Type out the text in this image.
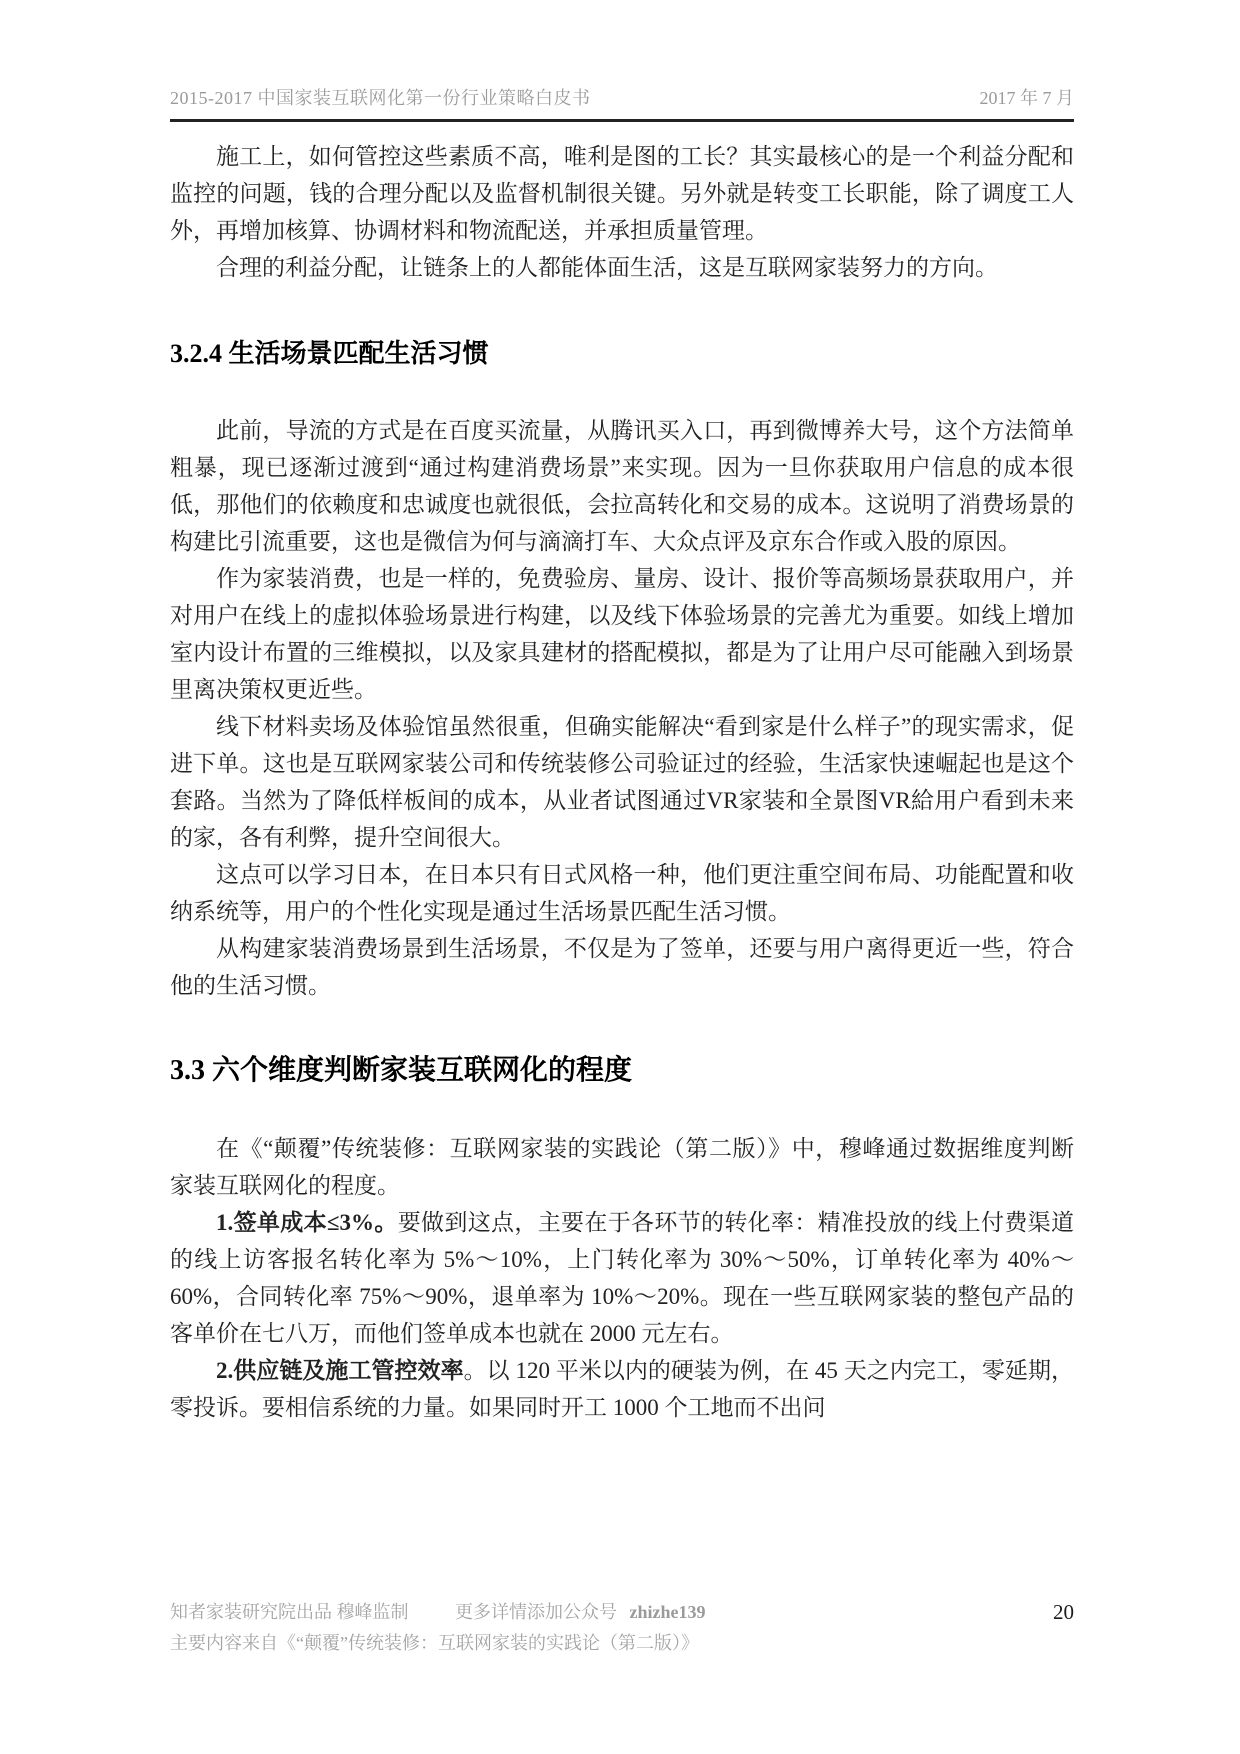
2015-2017 中国家装互联网化第一份行业策略白皮书	2017 年 7 月

施工上，如何管控这些素质不高，唯利是图的工长？其实最核心的是一个利益分配和监控的问题，钱的合理分配以及监督机制很关键。另外就是转变工长职能，除了调度工人外，再增加核算、协调材料和物流配送，并承担质量管理。

合理的利益分配，让链条上的人都能体面生活，这是互联网家装努力的方向。

3.2.4 生活场景匹配生活习惯

此前，导流的方式是在百度买流量，从腾讯买入口，再到微博养大号，这个方法简单粗暴，现已逐渐过渡到“通过构建消费场景”来实现。因为一旦你获取用户信息的成本很低，那他们的依赖度和忠诚度也就很低，会拉高转化和交易的成本。这说明了消费场景的构建比引流重要，这也是微信为何与滴滴打车、大众点评及京东合作或入股的原因。

作为家装消费，也是一样的，免费验房、量房、设计、报价等高频场景获取用户，并对用户在线上的虚拟体验场景进行构建，以及线下体验场景的完善尤为重要。如线上增加室内设计布置的三维模拟，以及家具建材的搭配模拟，都是为了让用户尽可能融入到场景里离决策权更近些。

线下材料卖场及体验馆虽然很重，但确实能解决“看到家是什么样子”的现实需求，促进下单。这也是互联网家装公司和传统装修公司验证过的经验，生活家快速崛起也是这个套路。当然为了降低样板间的成本，从业者试图通过VR家装和全景图VR給用户看到未来的家，各有利弊，提升空间很大。

这点可以学习日本，在日本只有日式风格一种，他们更注重空间布局、功能配置和收纳系统等，用户的个性化实现是通过生活场景匹配生活习惯。

从构建家装消费场景到生活场景，不仅是为了签单，还要与用户离得更近一些，符合他的生活习惯。

3.3 六个维度判断家装互联网化的程度

在《“颠覆”传统装修：互联网家装的实践论（第二版）》中，穆峰通过数据维度判断家装互联网化的程度。

1.签单成本≤3%。要做到这点，主要在于各环节的转化率：精准投放的线上付费渠道的线上访客报名转化率为 5%～10%，上门转化率为 30%～50%，订单转化率为 40%～60%，合同转化率 75%～90%，退单率为 10%～20%。现在一些互联网家装的整包产品的客单价在七八万，而他们签单成本也就在 2000 元左右。

2.供应链及施工管控效率。以 120 平米以内的硬装为例，在 45 天之内完工，零延期，零投诉。要相信系统的力量。如果同时开工 1000 个工地而不出问

知者家装研究院出品 穆峰监制	更多详情添加公众号 zhizhe139	20
主要内容来自《“颠覆”传统装修：互联网家装的实践论（第二版）》
